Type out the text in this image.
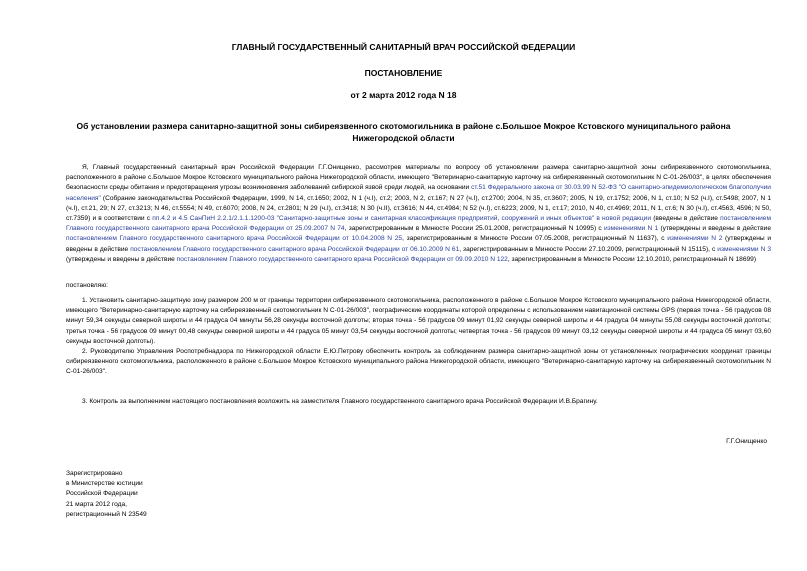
ГЛАВНЫЙ ГОСУДАРСТВЕННЫЙ САНИТАРНЫЙ ВРАЧ РОССИЙСКОЙ ФЕДЕРАЦИИ
ПОСТАНОВЛЕНИЕ
от 2 марта 2012 года N 18
Об установлении размера санитарно-защитной зоны сибиреязвенного скотомогильника в районе с.Большое Мокрое Кстовского муниципального района
Нижегородской области

Я, Главный государственный санитарный врач Российской Федерации Г.Г.Онищенко, рассмотрев материалы по вопросу об установлении размера санитарно-защитной зоны сибиреязвенного скотомогильника, расположенного в районе с.Большое Мокрое Кстовского муниципального района Нижегородской области, имеющего "Ветеринарно-санитарную карточку на сибиреязвенный скотомогильник N С-01-26/003", в целях обеспечения безопасности среды обитания и предотвращения угрозы возникновения заболеваний сибирской язвой среди людей, на основании ст.51 Федерального закона от 30.03.99 N 52-ФЗ "О санитарно-эпидемиологическом благополучии населения" (Собрание законодательства Российской Федерации, 1999, N 14, ст.1650; 2002, N 1 (ч.I), ст.2; 2003, N 2, ст.167; N 27 (ч.I), ст.2700; 2004, N 35, ст.3607; 2005, N 19, ст.1752; 2006, N 1, ст.10; N 52 (ч.I), ст.5498; 2007, N 1 (ч.I), ст.21, 29; N 27, ст.3213; N 46, ст.5554; N 49, ст.6070; 2008, N 24, ст.2801; N 29 (ч.I), ст.3418; N 30 (ч.II), ст.3616; N 44, ст.4984; N 52 (ч.I), ст.6223; 2009, N 1, ст.17; 2010, N 40, ст.4969; 2011, N 1, ст.6; N 30 (ч.I), ст.4563, 4596; N 50, ст.7359) и в соответствии с пп.4.2 и 4.5 СанПиН 2.2.1/2.1.1.1200-03 "Санитарно-защитные зоны и санитарная классификация предприятий, сооружений и иных объектов" в новой редакции (введены в действие постановлением Главного государственного санитарного врача Российской Федерации от 25.09.2007 N 74, зарегистрированным в Минюсте России 25.01.2008, регистрационный N 10995) с изменениями N 1 (утверждены и введены в действие постановлением Главного государственного санитарного врача Российской Федерации от 10.04.2008 N 25, зарегистрированным в Минюсте России 07.05.2008, регистрационный N 11637), с изменениями N 2 (утверждены и введены в действие постановлением Главного государственного санитарного врача Российской Федерации от 06.10.2009 N 61, зарегистрированным в Минюсте России 27.10.2009, регистрационный N 15115), с изменениями N 3 (утверждены и введены в действие постановлением Главного государственного санитарного врача Российской Федерации от 09.09.2010 N 122, зарегистрированным в Минюсте России 12.10.2010, регистрационный N 18699)

постановляю:

1. Установить санитарно-защитную зону размером 200 м от границы территории сибиреязвенного скотомогильника, расположенного в районе с.Большое Мокрое Кстовского муниципального района Нижегородской области, имеющего "Ветеринарно-санитарную карточку на сибиреязвенный скотомогильник N С-01-26/003", географические координаты которой определены с использованием навигационной системы GPS (первая точка - 56 градусов 08 минут 59,34 секунды северной широты и 44 градуса 04 минуты 56,28 секунды восточной долготы; вторая точка - 56 градусов 09 минут 01,92 секунды северной широты и 44 градуса 04 минуты 55,08 секунды восточной долготы; третья точка - 56 градусов 09 минут 00,48 секунды северной широты и 44 градуса 05 минут 03,54 секунды восточной долготы; четвертая точка - 56 градусов 09 минут 03,12 секунды северной широты и 44 градуса 05 минут 03,60 секунды восточной долготы).

2. Руководителю Управления Роспотребнадзора по Нижегородской области Е.Ю.Петрову обеспечить контроль за соблюдением размера санитарно-защитной зоны от установленных географических координат границы сибиреязвенного скотомогильника, расположенного в районе с.Большое Мокрое Кстовского муниципального района Нижегородской области, имеющего "Ветеринарно-санитарную карточку на сибиреязвенный скотомогильник N С-01-26/003".

3. Контроль за выполнением настоящего постановления возложить на заместителя Главного государственного санитарного врача Российской Федерации И.В.Брагину.

Г.Г.Онищенко
Зарегистрировано
в Министерстве юстиции
Российской Федерации
21 марта 2012 года,
регистрационный N 23549
